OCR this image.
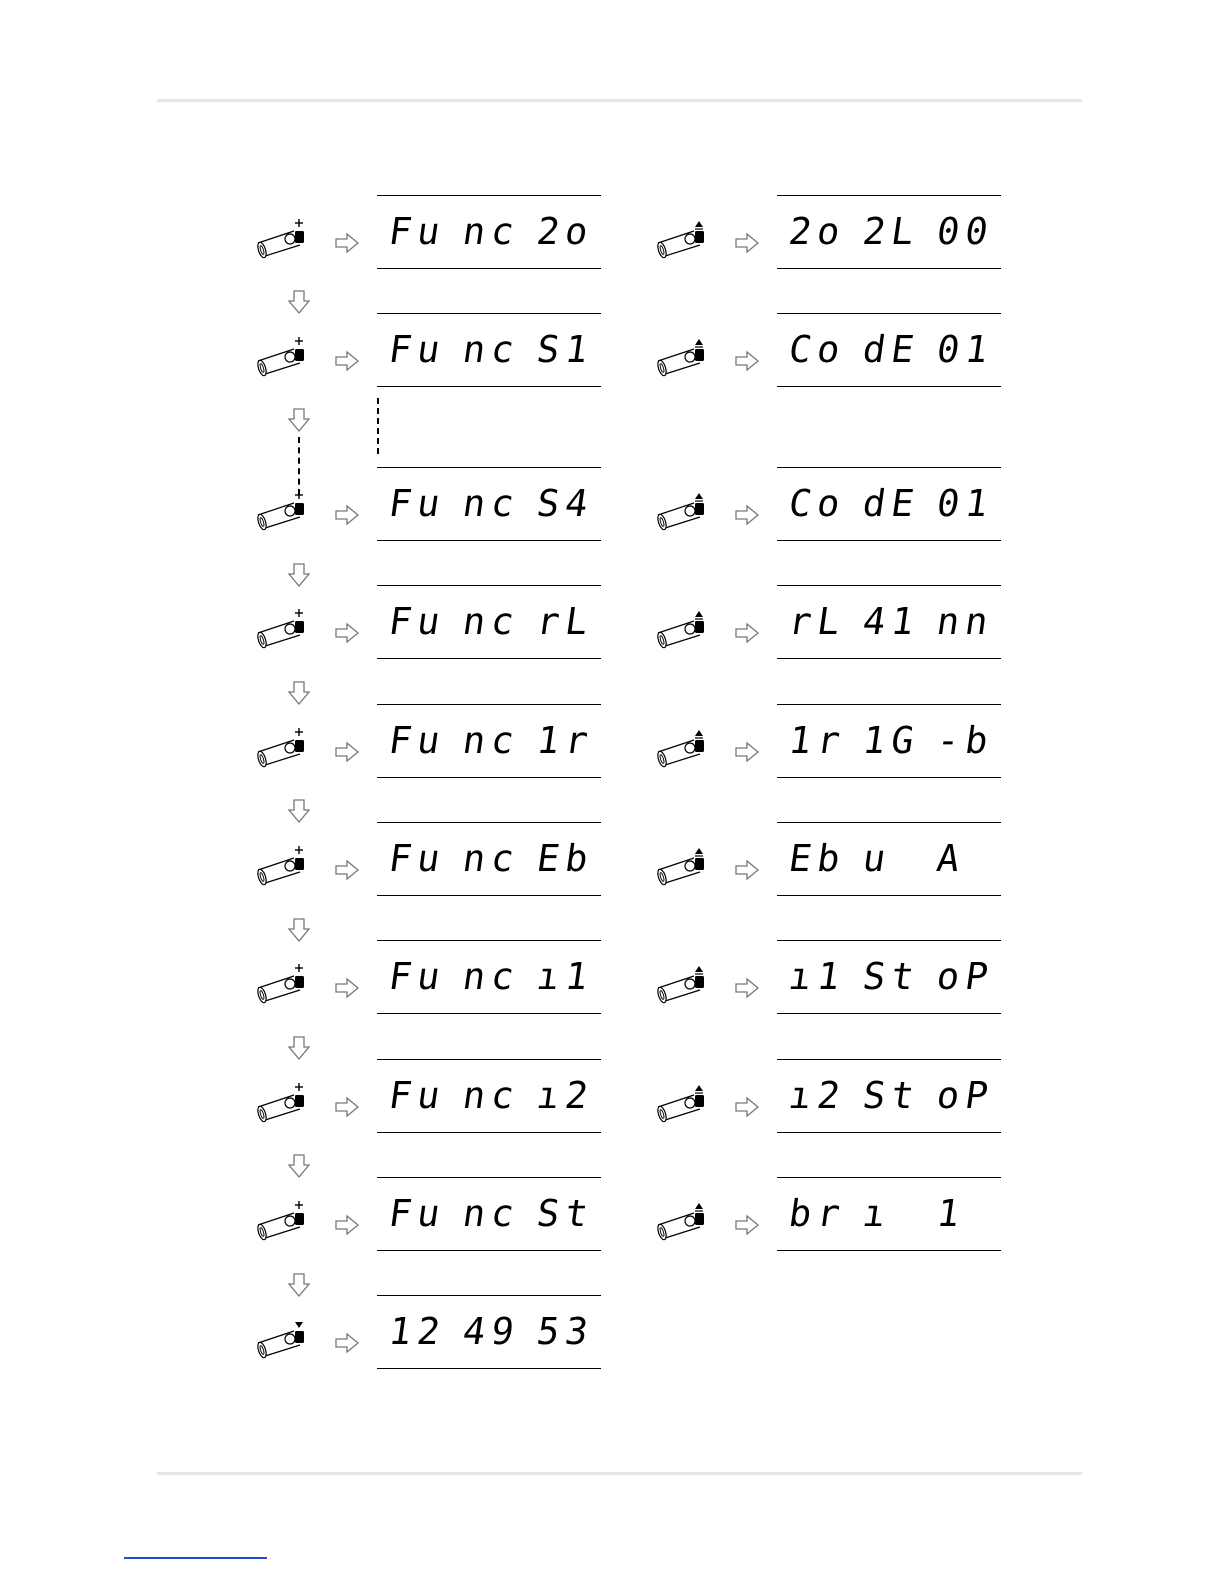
Fu nc 2o
Fu nc S1
Fu nc S4
Fu nc rL
Fu nc 1r
Fu nc Eb
Fu nc ı1
Fu nc ı2
Fu nc St
12 49 53
2o 2L 00
Co dE 01
Co dE 01
rL 41 nn
1r 1G -b
Eb u A
ı1 St oP
ı2 St oP
br ı 1
